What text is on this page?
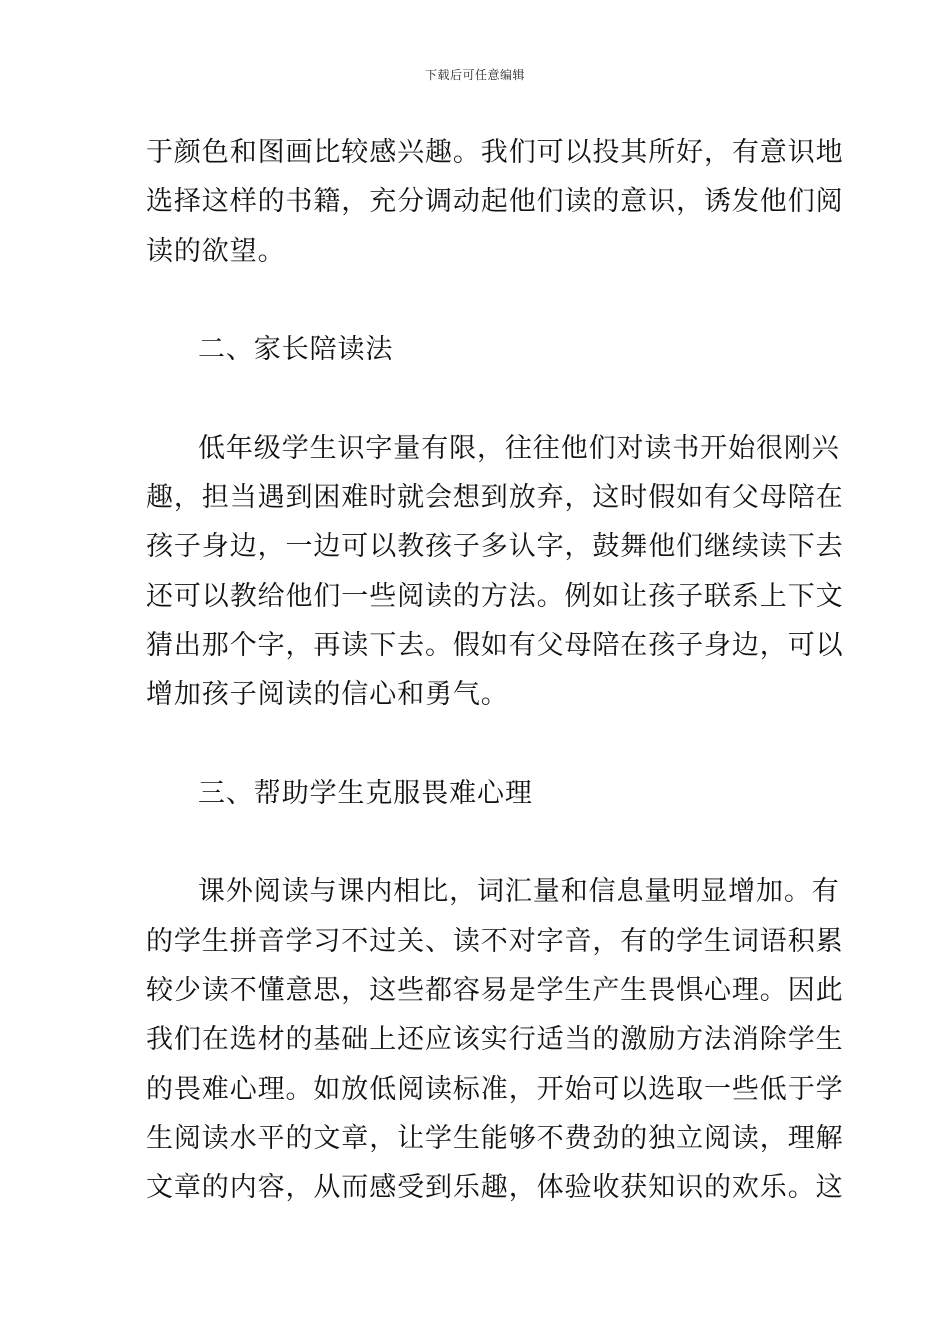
下载后可任意编辑
于颜色和图画比较感兴趣。我们可以投其所好，有意识地
选择这样的书籍，充分调动起他们读的意识，诱发他们阅
读的欲望。
二、家长陪读法
低年级学生识字量有限，往往他们对读书开始很刚兴
趣，担当遇到困难时就会想到放弃，这时假如有父母陪在
孩子身边，一边可以教孩子多认字，鼓舞他们继续读下去
还可以教给他们一些阅读的方法。例如让孩子联系上下文
猜出那个字，再读下去。假如有父母陪在孩子身边，可以
增加孩子阅读的信心和勇气。
三、帮助学生克服畏难心理
课外阅读与课内相比，词汇量和信息量明显增加。有
的学生拼音学习不过关、读不对字音，有的学生词语积累
较少读不懂意思，这些都容易是学生产生畏惧心理。因此
我们在选材的基础上还应该实行适当的激励方法消除学生
的畏难心理。如放低阅读标准，开始可以选取一些低于学
生阅读水平的文章，让学生能够不费劲的独立阅读，理解
文章的内容，从而感受到乐趣，体验收获知识的欢乐。这
